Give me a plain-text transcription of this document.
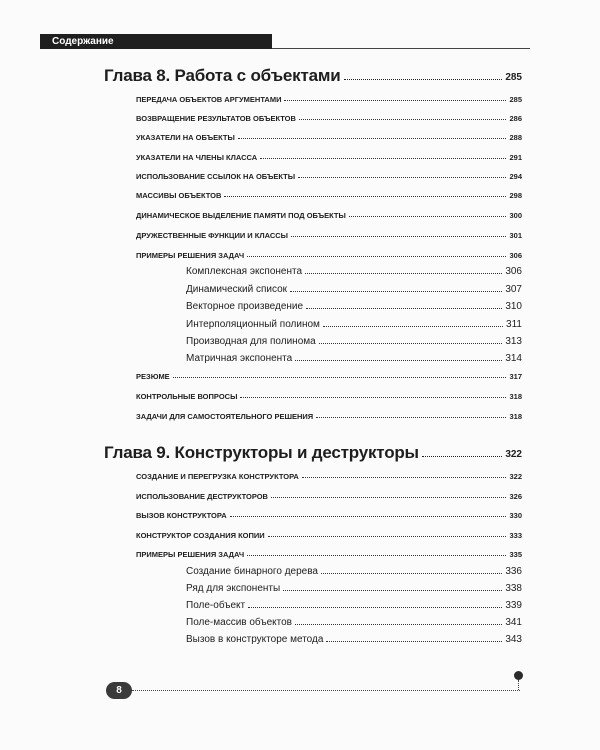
Содержание
Глава 8. Работа с объектами	285
ПЕРЕДАЧА ОБЪЕКТОВ АРГУМЕНТАМИ	285
ВОЗВРАЩЕНИЕ РЕЗУЛЬТАТОВ ОБЪЕКТОВ	286
УКАЗАТЕЛИ НА ОБЪЕКТЫ	288
УКАЗАТЕЛИ НА ЧЛЕНЫ КЛАССА	291
ИСПОЛЬЗОВАНИЕ ССЫЛОК НА ОБЪЕКТЫ	294
МАССИВЫ ОБЪЕКТОВ	298
ДИНАМИЧЕСКОЕ ВЫДЕЛЕНИЕ ПАМЯТИ ПОД ОБЪЕКТЫ	300
ДРУЖЕСТВЕННЫЕ ФУНКЦИИ И КЛАССЫ	301
ПРИМЕРЫ РЕШЕНИЯ ЗАДАЧ	306
Комплексная экспонента	306
Динамический список	307
Векторное произведение	310
Интерполяционный полином	311
Производная для полинома	313
Матричная экспонента	314
РЕЗЮМЕ	317
КОНТРОЛЬНЫЕ ВОПРОСЫ	318
ЗАДАЧИ ДЛЯ САМОСТОЯТЕЛЬНОГО РЕШЕНИЯ	318
Глава 9. Конструкторы и деструкторы	322
СОЗДАНИЕ И ПЕРЕГРУЗКА КОНСТРУКТОРА	322
ИСПОЛЬЗОВАНИЕ ДЕСТРУКТОРОВ	326
ВЫЗОВ КОНСТРУКТОРА	330
КОНСТРУКТОР СОЗДАНИЯ КОПИИ	333
ПРИМЕРЫ РЕШЕНИЯ ЗАДАЧ	335
Создание бинарного дерева	336
Ряд для экспоненты	338
Поле-объект	339
Поле-массив объектов	341
Вызов в конструкторе метода	343
8
